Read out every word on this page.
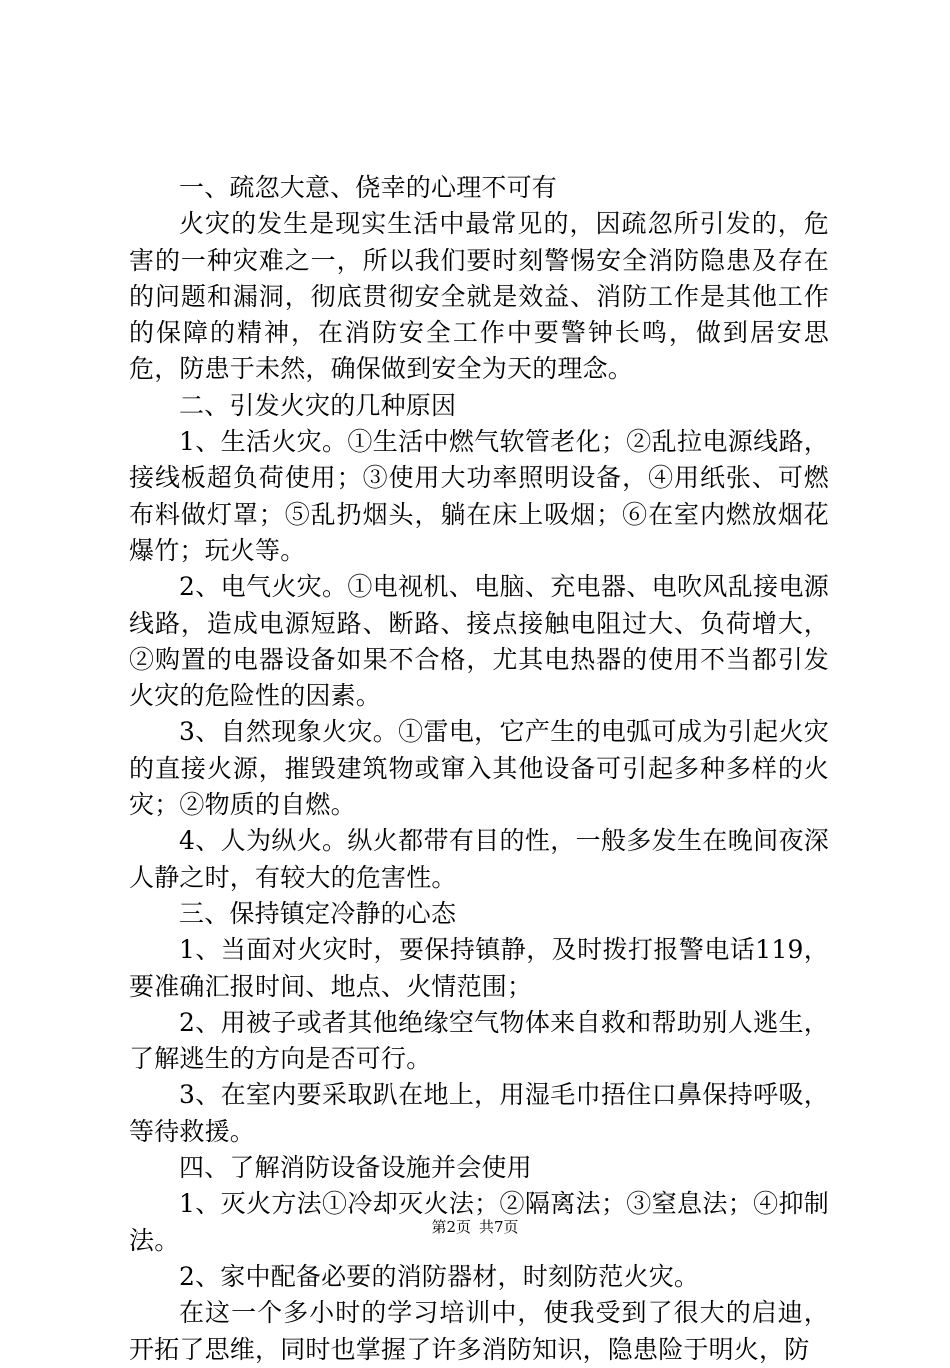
一、疏忽大意、侥幸的心理不可有

火灾的发生是现实生活中最常见的，因疏忽所引发的，危害的一种灾难之一，所以我们要时刻警惕安全消防隐患及存在的问题和漏洞，彻底贯彻安全就是效益、消防工作是其他工作的保障的精神，在消防安全工作中要警钟长鸣，做到居安思危，防患于未然，确保做到安全为天的理念。

二、引发火灾的几种原因

1、生活火灾。①生活中燃气软管老化；②乱拉电源线路，接线板超负荷使用；③使用大功率照明设备，④用纸张、可燃布料做灯罩；⑤乱扔烟头，躺在床上吸烟；⑥在室内燃放烟花爆竹；玩火等。

2、电气火灾。①电视机、电脑、充电器、电吹风乱接电源线路，造成电源短路、断路、接点接触电阻过大、负荷增大，②购置的电器设备如果不合格，尤其电热器的使用不当都引发火灾的危险性的因素。

3、自然现象火灾。①雷电，它产生的电弧可成为引起火灾的直接火源，摧毁建筑物或窜入其他设备可引起多种多样的火灾；②物质的自燃。

4、人为纵火。纵火都带有目的性，一般多发生在晚间夜深人静之时，有较大的危害性。

三、保持镇定冷静的心态

1、当面对火灾时，要保持镇静，及时拨打报警电话119，要准确汇报时间、地点、火情范围；

2、用被子或者其他绝缘空气物体来自救和帮助别人逃生，了解逃生的方向是否可行。

3、在室内要采取趴在地上，用湿毛巾捂住口鼻保持呼吸，等待救援。

四、了解消防设备设施并会使用

1、灭火方法①冷却灭火法；②隔离法；③窒息法；④抑制法。

2、家中配备必要的消防器材，时刻防范火灾。

在这一个多小时的学习培训中，使我受到了很大的启迪，开拓了思维，同时也掌握了许多消防知识，隐患险于明火，防

第2页 共7页
